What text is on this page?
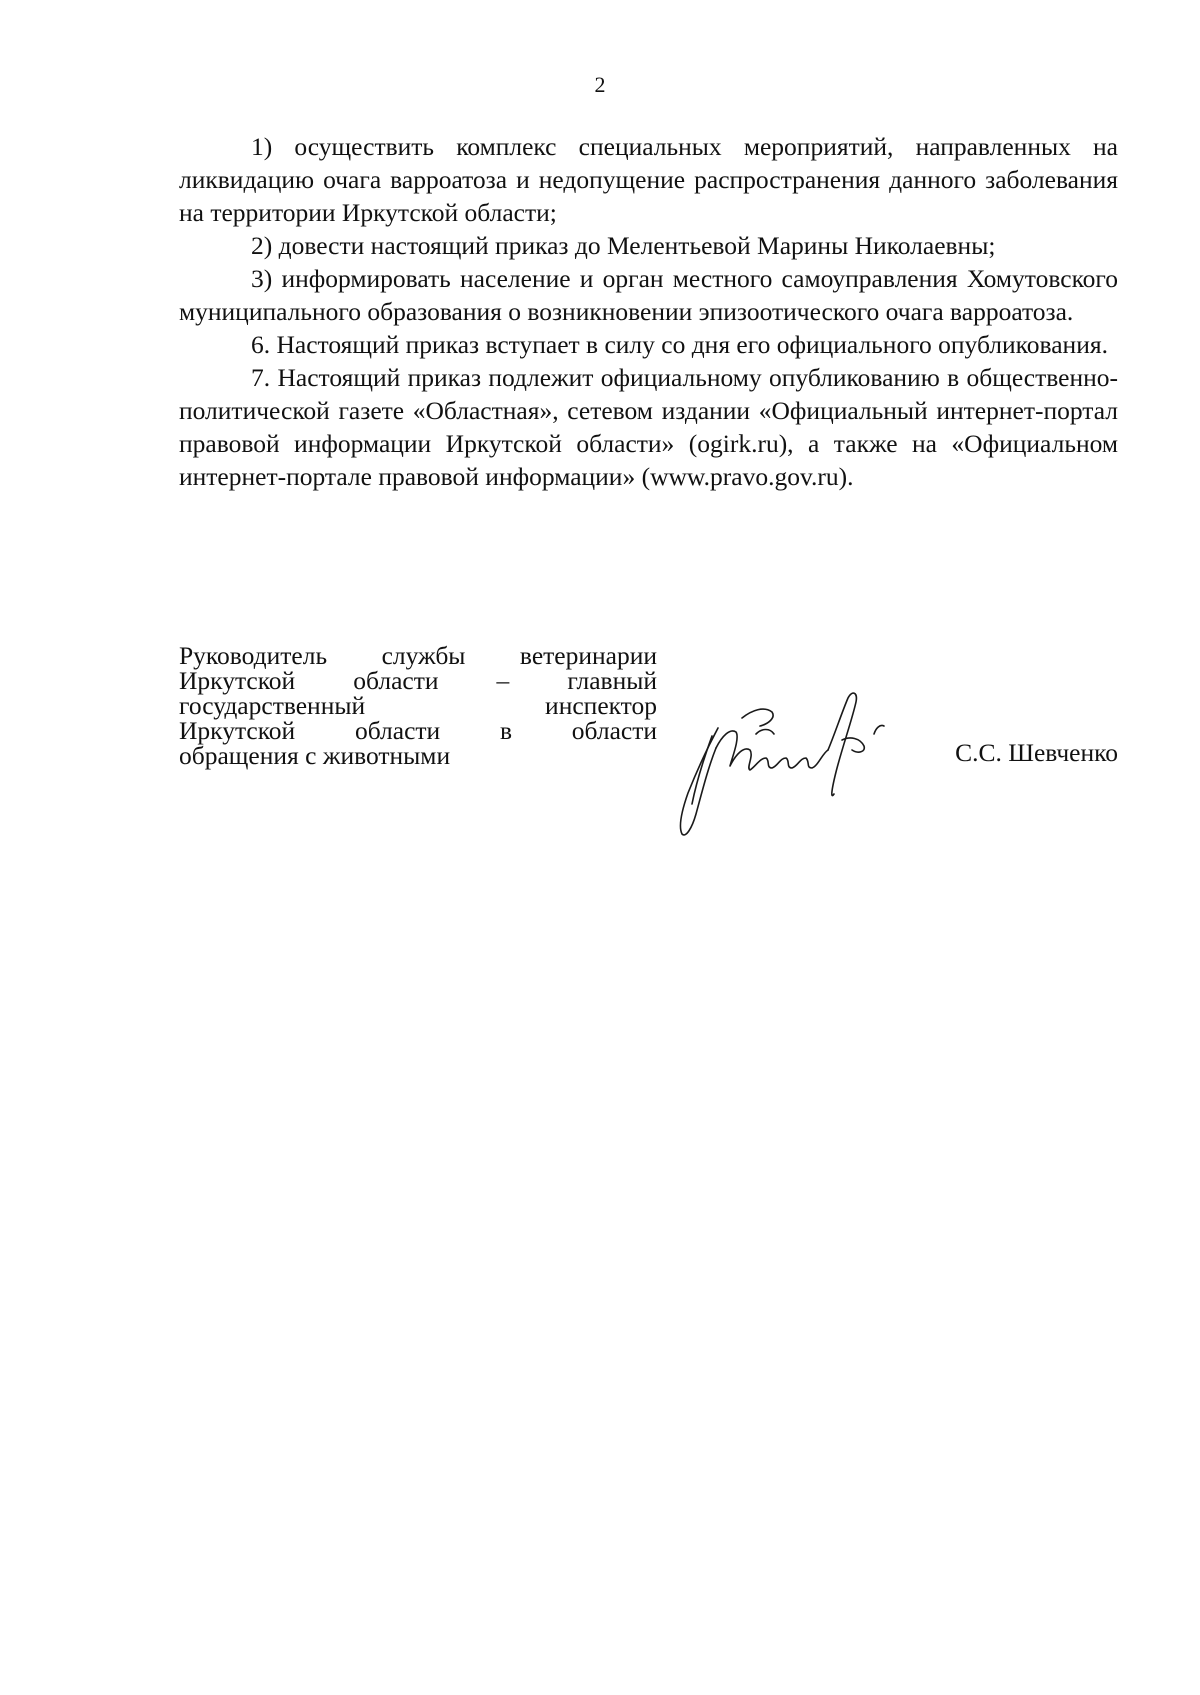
2

1) осуществить комплекс специальных мероприятий, направленных на ликвидацию очага варроатоза и недопущение распространения данного заболевания на территории Иркутской области;

2) довести настоящий приказ до Мелентьевой Марины Николаевны;

3) информировать население и орган местного самоуправления Хомутовского муниципального образования о возникновении эпизоотического очага варроатоза.

6. Настоящий приказ вступает в силу со дня его официального опубликования.

7. Настоящий приказ подлежит официальному опубликованию в общественно-политической газете «Областная», сетевом издании «Официальный интернет-портал правовой информации Иркутской области» (ogirk.ru), а также на «Официальном интернет-портале правовой информации» (www.pravo.gov.ru).

Руководитель службы ветеринарии
Иркутской области – главный
государственный инспектор
Иркутской области в области
обращения с животными	С.С. Шевченко
